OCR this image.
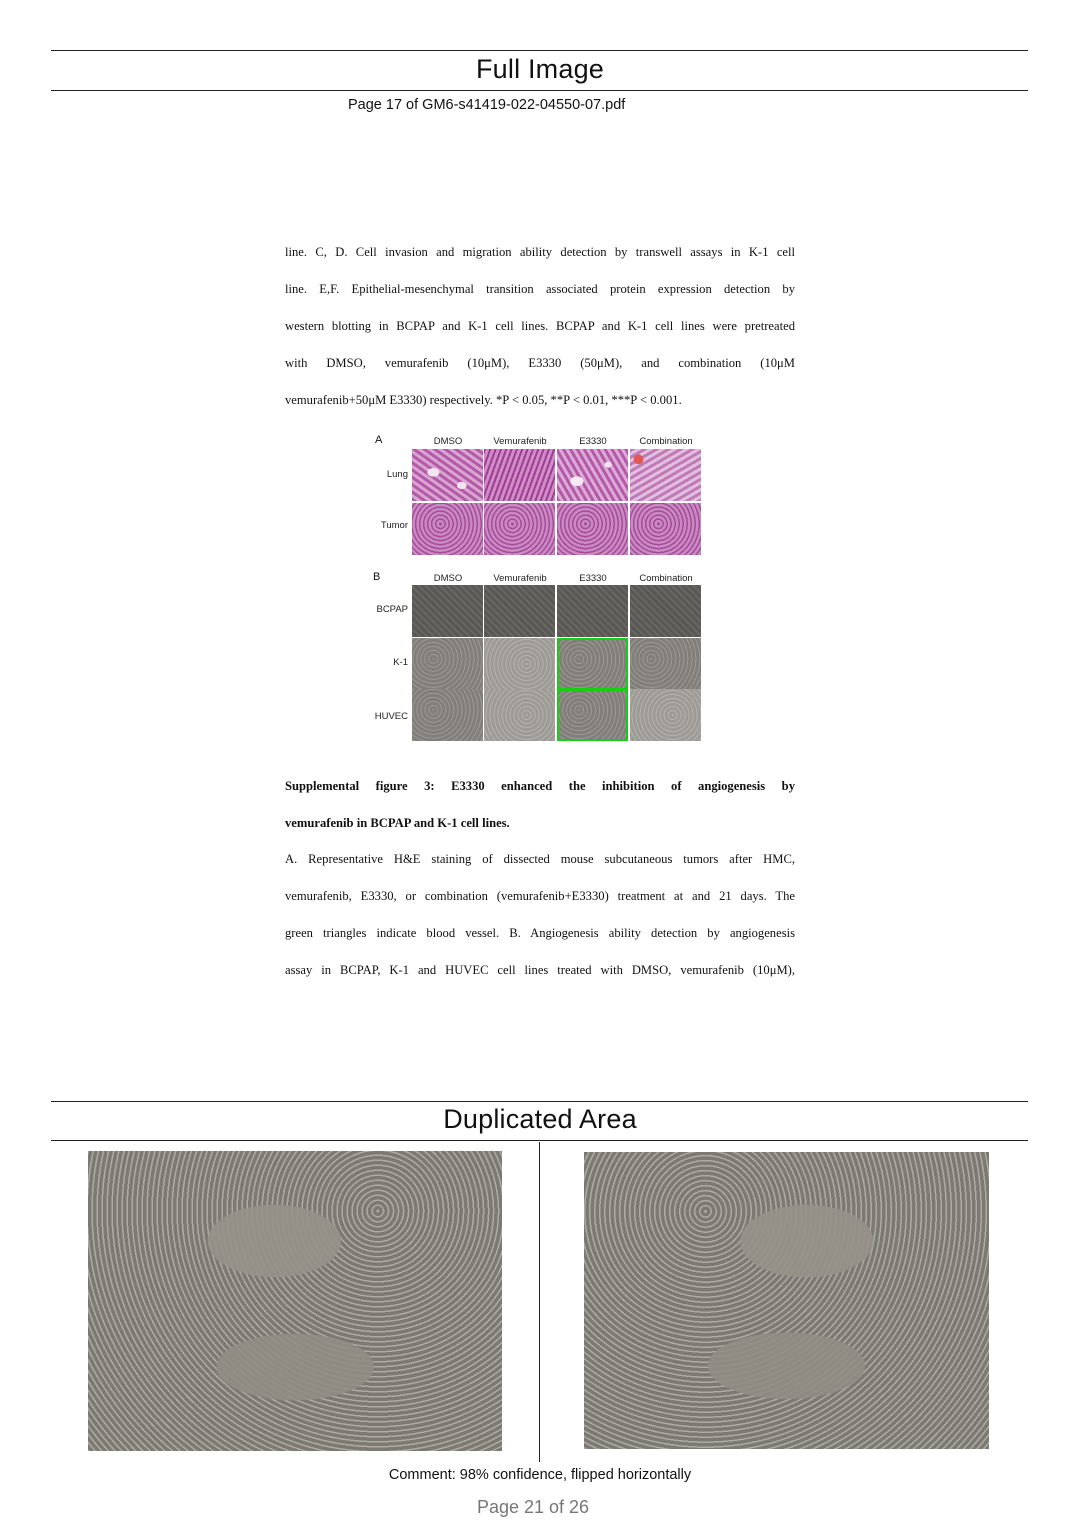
Full Image
Page 17 of GM6-s41419-022-04550-07.pdf
line. C, D. Cell invasion and migration ability detection by transwell assays in K-1 cell
line. E,F. Epithelial-mesenchymal transition associated protein expression detection by
western blotting in BCPAP and K-1 cell lines. BCPAP and K-1 cell lines were pretreated
with DMSO, vemurafenib (10μM), E3330 (50μM), and combination (10μM
vemurafenib+50μM E3330) respectively. *P < 0.05, **P < 0.01, ***P < 0.001.
A	DMSO	Vemurafenib	E3330	Combination
Lung
Tumor
B	DMSO	Vemurafenib	E3330	Combination
BCPAP
K-1
HUVEC
Supplemental figure 3: E3330 enhanced the inhibition of angiogenesis by
vemurafenib in BCPAP and K-1 cell lines.
A. Representative H&E staining of dissected mouse subcutaneous tumors after HMC,
vemurafenib, E3330, or combination (vemurafenib+E3330) treatment at and 21 days. The
green triangles indicate blood vessel. B. Angiogenesis ability detection by angiogenesis
assay in BCPAP, K-1 and HUVEC cell lines treated with DMSO, vemurafenib (10μM),
Duplicated Area
Comment: 98% confidence, flipped horizontally
Page 21 of 26
